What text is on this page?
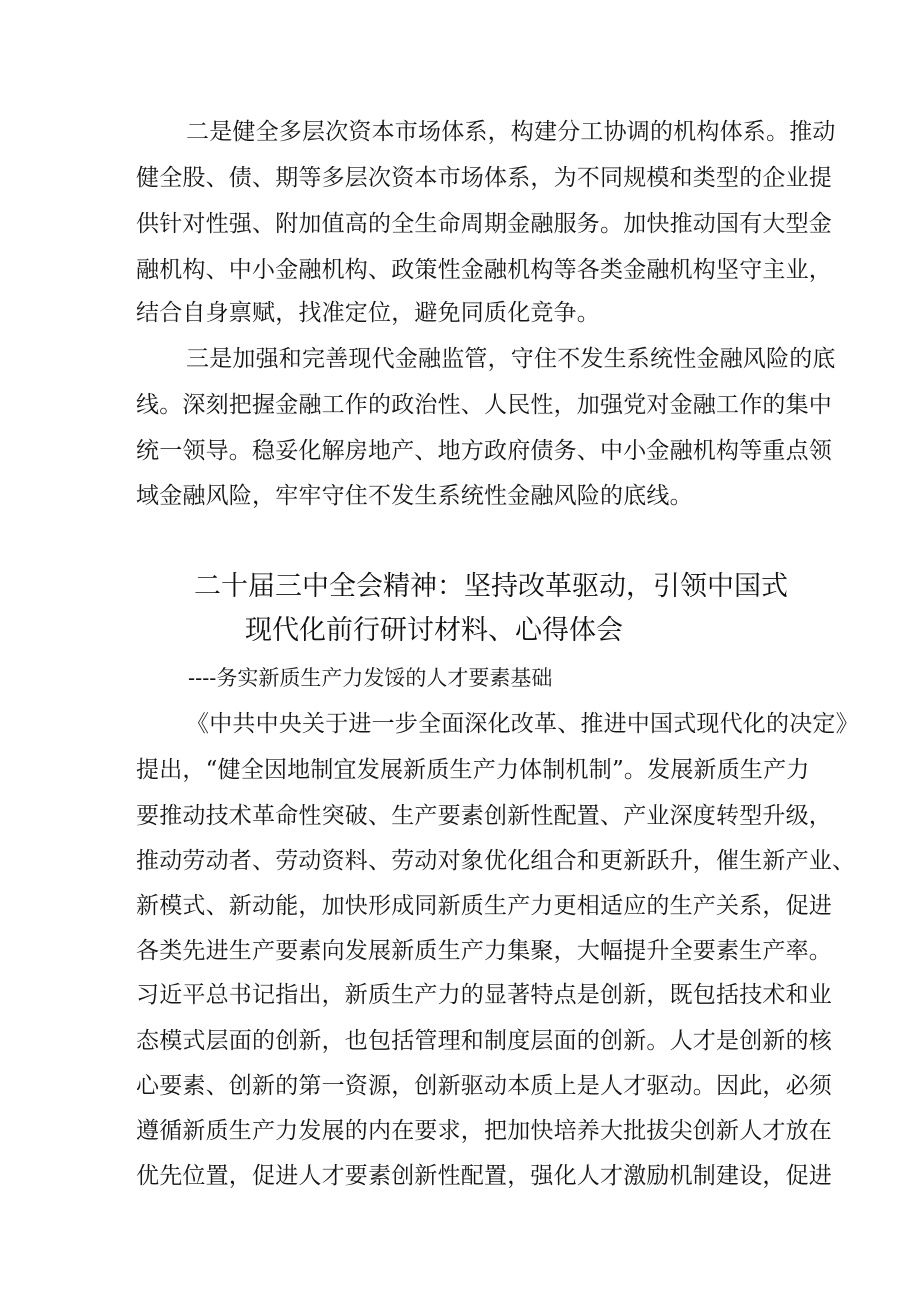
二是健全多层次资本市场体系，构建分工协调的机构体系。推动
健全股、债、期等多层次资本市场体系，为不同规模和类型的企业提
供针对性强、附加值高的全生命周期金融服务。加快推动国有大型金
融机构、中小金融机构、政策性金融机构等各类金融机构坚守主业，
结合自身禀赋，找准定位，避免同质化竞争。
三是加强和完善现代金融监管，守住不发生系统性金融风险的底
线。深刻把握金融工作的政治性、人民性，加强党对金融工作的集中
统一领导。稳妥化解房地产、地方政府债务、中小金融机构等重点领
域金融风险，牢牢守住不发生系统性金融风险的底线。
二十届三中全会精神：坚持改革驱动，引领中国式
现代化前行研讨材料、心得体会
----务实新质生产力发馁的人才要素基础
《中共中央关于进一步全面深化改革、推进中国式现代化的决定》
提出，“健全因地制宜发展新质生产力体制机制”。发展新质生产力
要推动技术革命性突破、生产要素创新性配置、产业深度转型升级，
推动劳动者、劳动资料、劳动对象优化组合和更新跃升，催生新产业、
新模式、新动能，加快形成同新质生产力更相适应的生产关系，促进
各类先进生产要素向发展新质生产力集聚，大幅提升全要素生产率。
习近平总书记指出，新质生产力的显著特点是创新，既包括技术和业
态模式层面的创新，也包括管理和制度层面的创新。人才是创新的核
心要素、创新的第一资源，创新驱动本质上是人才驱动。因此，必须
遵循新质生产力发展的内在要求，把加快培养大批拔尖创新人才放在
优先位置，促进人才要素创新性配置，强化人才激励机制建设，促进
